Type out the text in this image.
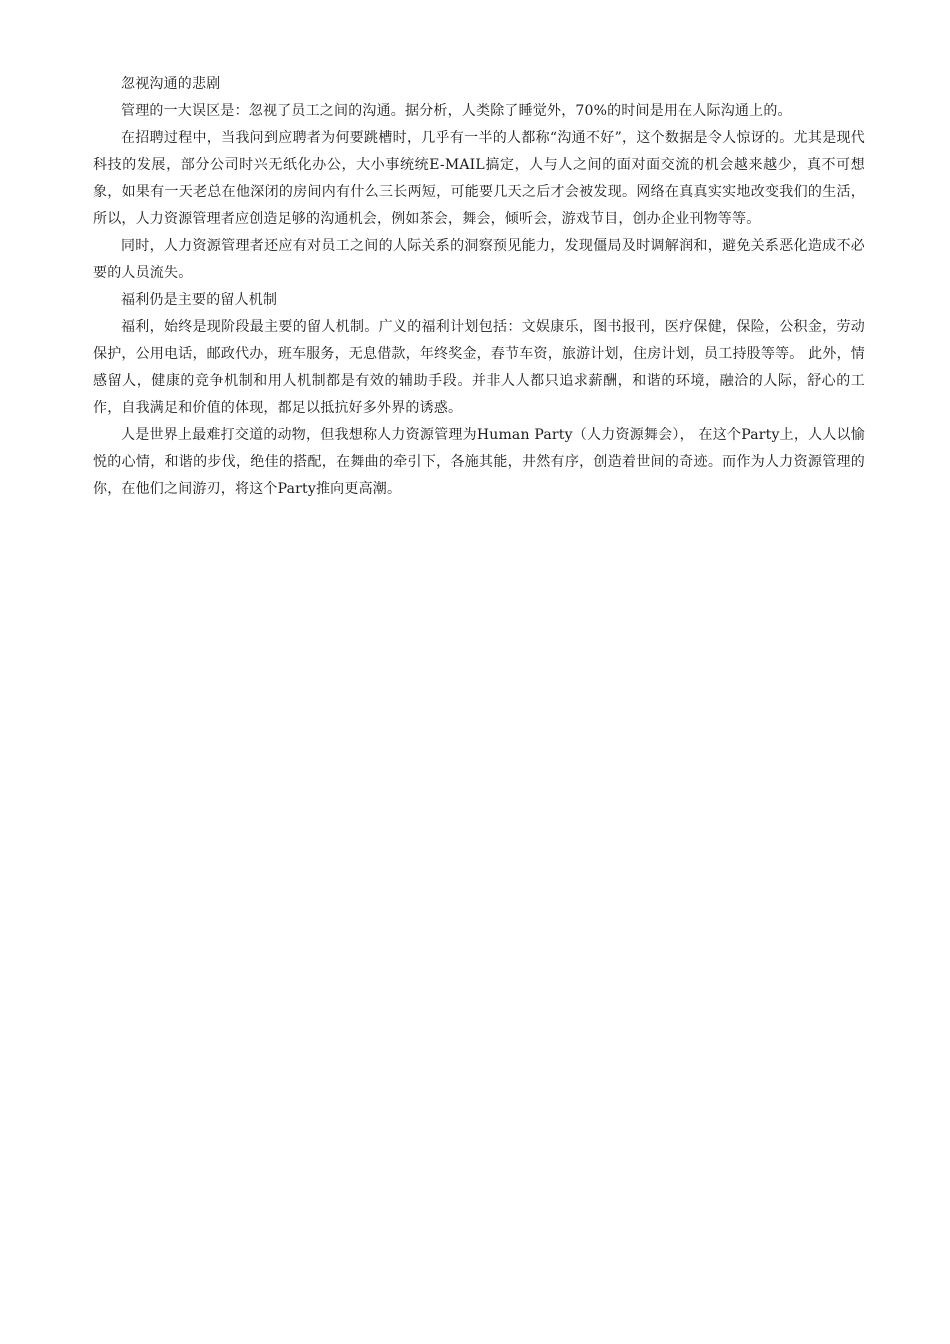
忽视沟通的悲剧

管理的一大误区是：忽视了员工之间的沟通。据分析，人类除了睡觉外，70%的时间是用在人际沟通上的。

在招聘过程中，当我问到应聘者为何要跳槽时，几乎有一半的人都称“沟通不好”，这个数据是令人惊讶的。尤其是现代科技的发展，部分公司时兴无纸化办公，大小事统统E-MAIL搞定，人与人之间的面对面交流的机会越来越少，真不可想象，如果有一天老总在他深闭的房间内有什么三长两短，可能要几天之后才会被发现。网络在真真实实地改变我们的生活，所以，人力资源管理者应创造足够的沟通机会，例如茶会，舞会，倾听会，游戏节目，创办企业刊物等等。

同时，人力资源管理者还应有对员工之间的人际关系的洞察预见能力，发现僵局及时调解润和，避免关系恶化造成不必要的人员流失。

福利仍是主要的留人机制

福利，始终是现阶段最主要的留人机制。广义的福利计划包括：文娱康乐，图书报刊，医疗保健，保险，公积金，劳动保护，公用电话，邮政代办，班车服务，无息借款，年终奖金，春节车资，旅游计划，住房计划，员工持股等等。 此外，情感留人，健康的竞争机制和用人机制都是有效的辅助手段。并非人人都只追求薪酬，和谐的环境，融洽的人际，舒心的工作，自我满足和价值的体现，都足以抵抗好多外界的诱惑。

人是世界上最难打交道的动物，但我想称人力资源管理为Human Party（人力资源舞会）， 在这个Party上，人人以愉悦的心情，和谐的步伐，绝佳的搭配，在舞曲的牵引下，各施其能，井然有序，创造着世间的奇迹。而作为人力资源管理的你，在他们之间游刃，将这个Party推向更高潮。
